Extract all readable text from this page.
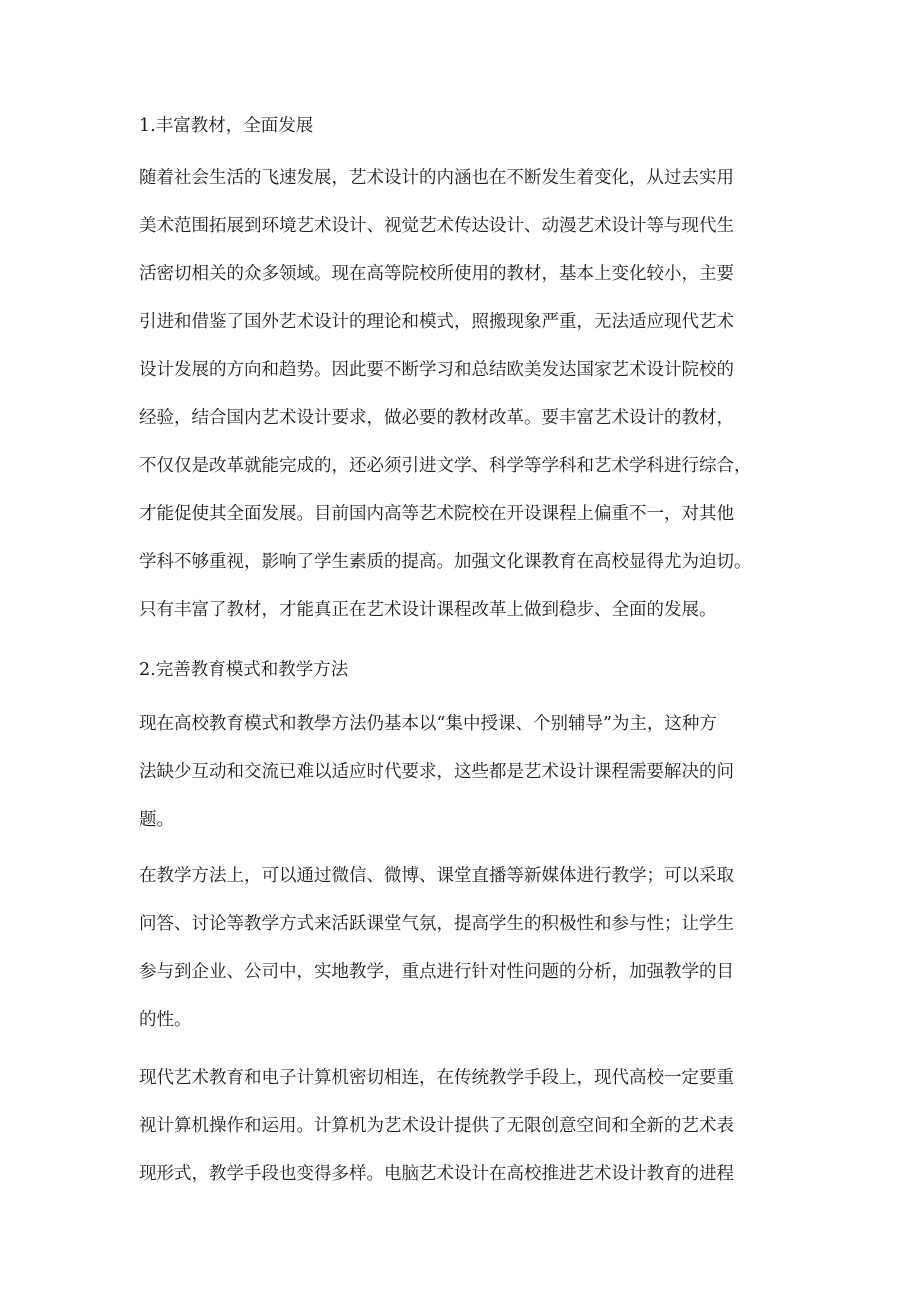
1.丰富教材，全面发展

随着社会生活的飞速发展，艺术设计的内涵也在不断发生着变化，从过去实用

美术范围拓展到环境艺术设计、视觉艺术传达设计、动漫艺术设计等与现代生

活密切相关的众多领域。现在高等院校所使用的教材，基本上变化较小，主要

引进和借鉴了国外艺术设计的理论和模式，照搬现象严重，无法适应现代艺术

设计发展的方向和趋势。因此要不断学习和总结欧美发达国家艺术设计院校的

经验，结合国内艺术设计要求，做必要的教材改革。要丰富艺术设计的教材，

不仅仅是改革就能完成的，还必须引进文学、科学等学科和艺术学科进行综合，

才能促使其全面发展。目前国内高等艺术院校在开设课程上偏重不一，对其他

学科不够重视，影响了学生素质的提高。加强文化课教育在高校显得尤为迫切。

只有丰富了教材，才能真正在艺术设计课程改革上做到稳步、全面的发展。

2.完善教育模式和教学方法

现在高校教育模式和教學方法仍基本以“集中授课、个别辅导”为主，这种方

法缺少互动和交流已难以适应时代要求，这些都是艺术设计课程需要解决的问

题。

在教学方法上，可以通过微信、微博、课堂直播等新媒体进行教学；可以采取

问答、讨论等教学方式来活跃课堂气氛，提高学生的积极性和参与性；让学生

参与到企业、公司中，实地教学，重点进行针对性问题的分析，加强教学的目

的性。

现代艺术教育和电子计算机密切相连，在传统教学手段上，现代高校一定要重

视计算机操作和运用。计算机为艺术设计提供了无限创意空间和全新的艺术表

现形式，教学手段也变得多样。电脑艺术设计在高校推进艺术设计教育的进程
